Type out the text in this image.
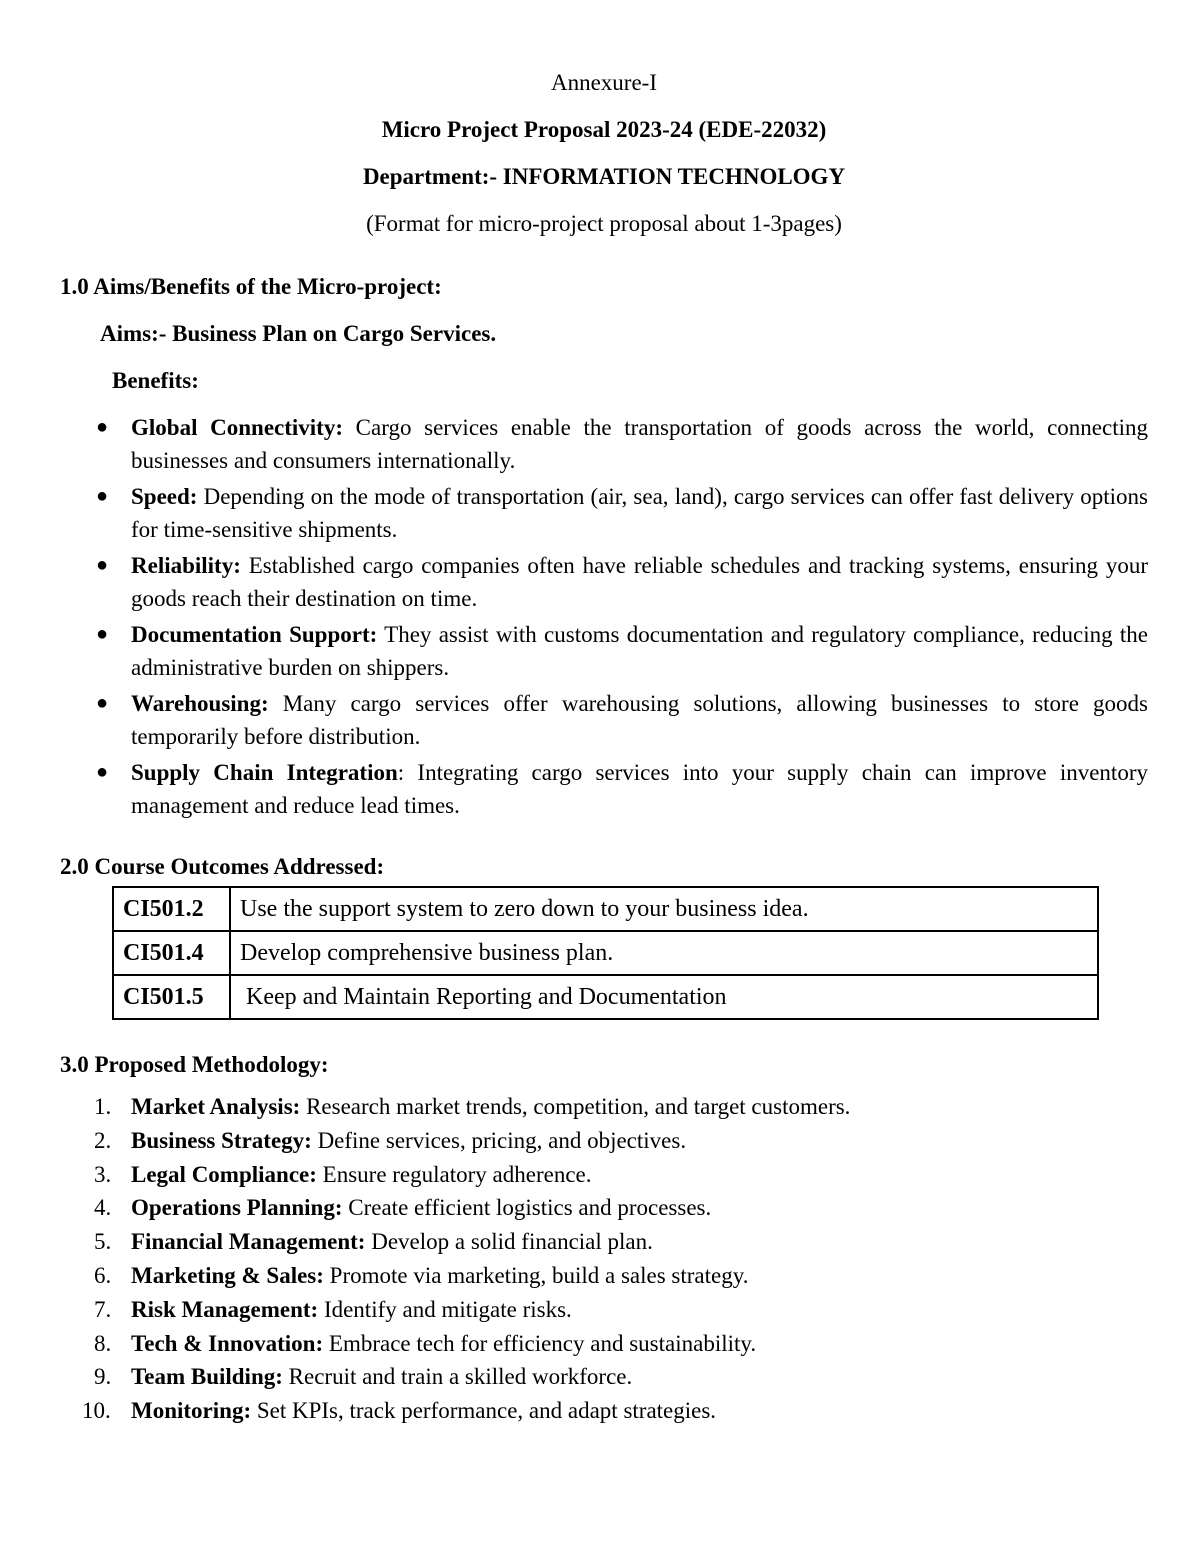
Annexure-I

Micro Project Proposal 2023-24 (EDE-22032)

Department:- INFORMATION TECHNOLOGY

(Format for micro-project proposal about 1-3pages)

1.0 Aims/Benefits of the Micro-project:

Aims:- Business Plan on Cargo Services.

Benefits:

● Global Connectivity: Cargo services enable the transportation of goods across the world, connecting businesses and consumers internationally.
● Speed: Depending on the mode of transportation (air, sea, land), cargo services can offer fast delivery options for time-sensitive shipments.
● Reliability: Established cargo companies often have reliable schedules and tracking systems, ensuring your goods reach their destination on time.
● Documentation Support: They assist with customs documentation and regulatory compliance, reducing the administrative burden on shippers.
● Warehousing: Many cargo services offer warehousing solutions, allowing businesses to store goods temporarily before distribution.
● Supply Chain Integration: Integrating cargo services into your supply chain can improve inventory management and reduce lead times.

2.0 Course Outcomes Addressed:

CI501.2	Use the support system to zero down to your business idea.
CI501.4	Develop comprehensive business plan.
CI501.5	Keep and Maintain Reporting and Documentation

3.0 Proposed Methodology:

1. Market Analysis: Research market trends, competition, and target customers.
2. Business Strategy: Define services, pricing, and objectives.
3. Legal Compliance: Ensure regulatory adherence.
4. Operations Planning: Create efficient logistics and processes.
5. Financial Management: Develop a solid financial plan.
6. Marketing & Sales: Promote via marketing, build a sales strategy.
7. Risk Management: Identify and mitigate risks.
8. Tech & Innovation: Embrace tech for efficiency and sustainability.
9. Team Building: Recruit and train a skilled workforce.
10. Monitoring: Set KPIs, track performance, and adapt strategies.
